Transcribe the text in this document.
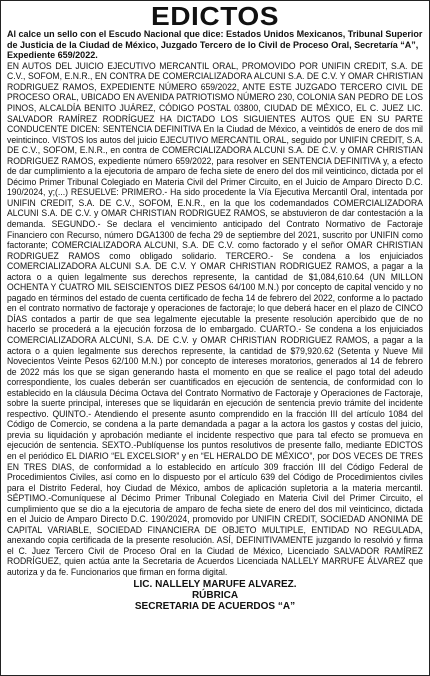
EDICTOS

Al calce un sello con el Escudo Nacional que dice: Estados Unidos Mexicanos, Tribunal Superior de Justicia de la Ciudad de México, Juzgado Tercero de lo Civil de Proceso Oral, Secretaría “A”, Expediente 659/2022.

EN AUTOS DEL JUICIO EJECUTIVO MERCANTIL ORAL, PROMOVIDO POR UNIFIN CREDIT, S.A. DE C.V., SOFOM, E.N.R., EN CONTRA DE COMERCIALIZADORA ALCUNI S.A. DE C.V. Y OMAR CHRISTIAN RODRIGUEZ RAMOS, EXPEDIENTE NÚMERO 659/2022, ANTE ESTE JUZGADO TERCERO CIVIL DE PROCESO ORAL, UBICADO EN AVENIDA PATRIOTISMO NÚMERO 230, COLONIA SAN PEDRO DE LOS PINOS, ALCALDÍA BENITO JUÁREZ, CÓDIGO POSTAL 03800, CIUDAD DE MÉXICO, EL C. JUEZ LIC. SALVADOR RAMÍREZ RODRÍGUEZ HA DICTADO LOS SIGUIENTES AUTOS QUE EN SU PARTE CONDUCENTE DICEN: SENTENCIA DEFINITIVA En la Ciudad de México, a veintidós de enero de dos mil veinticinco. VISTOS los autos del juicio EJECUTIVO MERCANTIL ORAL, seguido por UNIFIN CREDIT, S.A. DE C.V., SOFOM, E.N.R., en contra de COMERCIALIZADORA ALCUNI S.A. DE C.V. y OMAR CHRISTIAN RODRIGUEZ RAMOS, expediente número 659/2022, para resolver en SENTENCIA DEFINITIVA y, a efecto de dar cumplimiento a la ejecutoria de amparo de fecha siete de enero del dos mil veinticinco, dictada por el Décimo Primer Tribunal Colegiado en Materia Civil del Primer Circuito, en el Juicio de Amparo Directo D.C. 190/2024, y;(...) RESUELVE: PRIMERO.- Ha sido procedente la Vía Ejecutiva Mercantil Oral, intentada por UNIFIN CREDIT, S.A. DE C.V., SOFOM, E.N.R., en la que los codemandados COMERCIALIZADORA ALCUNI S.A. DE C.V. y OMAR CHRISTIAN RODRIGUEZ RAMOS, se abstuvieron de dar contestación a la demanda. SEGUNDO.- Se declara el vencimiento anticipado del Contrato Normativo de Factoraje Financiero con Recurso, número DGA1300 de fecha 29 de septiembre del 2021, suscrito por UNIFIN como factorante; COMERCIALIZADORA ALCUNI, S.A. DE C.V. como factorado y el señor OMAR CHRISTIAN RODRIGUEZ RAMOS como obligado solidario. TERCERO.- Se condena a los enjuiciados COMERCIALIZADORA ALCUNI S.A. DE C.V. Y OMAR CHRISTIAN RODRIGUEZ RAMOS, a pagar a la actora o a quien legalmente sus derechos represente, la cantidad de $1,084,610.64 (UN MILLON OCHENTA Y CUATRO MIL SEISCIENTOS DIEZ PESOS 64/100 M.N.) por concepto de capital vencido y no pagado en términos del estado de cuenta certificado de fecha 14 de febrero del 2022, conforme a lo pactado en el contrato normativo de factoraje y operaciones de factoraje; lo que deberá hacer en el plazo de CINCO DÍAS contados a partir de que sea legalmente ejecutable la presente resolución apercibido que de no hacerlo se procederá a la ejecución forzosa de lo embargado. CUARTO.- Se condena a los enjuiciados COMERCIALIZADORA ALCUNI, S.A. DE C.V. y OMAR CHRISTIAN RODRIGUEZ RAMOS, a pagar a la actora o a quien legalmente sus derechos represente, la cantidad de $79,920.62 (Setenta y Nueve Mil Novecientos Veinte Pesos 62/100 M.N.) por concepto de intereses moratorios, generados al 14 de febrero de 2022 más los que se sigan generando hasta el momento en que se realice el pago total del adeudo correspondiente, los cuales deberán ser cuantificados en ejecución de sentencia, de conformidad con lo establecido en la cláusula Décima Octava del Contrato Normativo de Factoraje y Operaciones de Factoraje, sobre la suerte principal, intereses que se liquidarán en ejecución de sentencia previo trámite del incidente respectivo. QUINTO.- Atendiendo el presente asunto comprendido en la fracción III del artículo 1084 del Código de Comercio, se condena a la parte demandada a pagar a la actora los gastos y costas del juicio, previa su liquidación y aprobación mediante el incidente respectivo que para tal efecto se promueva en ejecución de sentencia. SEXTO.-Publíquense los puntos resolutivos de presente fallo, mediante EDICTOS en el periódico EL DIARIO “EL EXCELSIOR” y en “EL HERALDO DE MÉXICO”, por DOS VECES DE TRES EN TRES DIAS, de conformidad a lo establecido en artículo 309 fracción III del Código Federal de Procedimientos Civiles, así como en lo dispuesto por el artículo 639 del Código de Procedimientos civiles para el Distrito Federal, hoy Ciudad de México, ambos de aplicación supletoria a la materia mercantil. SÉPTIMO.-Comuníquese al Décimo Primer Tribunal Colegiado en Materia Civil del Primer Circuito, el cumplimiento que se dio a la ejecutoria de amparo de fecha siete de enero del dos mil veinticinco, dictada en el Juicio de Amparo Directo D.C. 190/2024, promovido por UNIFIN CREDIT, SOCIEDAD ANONIMA DE CAPITAL VARIABLE, SOCIEDAD FINANCIERA DE OBJETO MULTIPLE, ENTIDAD NO REGULADA, anexando copia certificada de la presente resolución. ASÍ, DEFINITIVAMENTE juzgando lo resolvió y firma el C. Juez Tercero Civil de Proceso Oral en la Ciudad de México, Licenciado SALVADOR RAMÍREZ RODRÍGUEZ, quien actúa ante la Secretaria de Acuerdos Licenciada NALLELY MARRUFE ÁLVAREZ que autoriza y da fe. Funcionarios que firman en forma digital.

LIC. NALLELY MARUFE ALVAREZ.

RÚBRICA

SECRETARIA DE ACUERDOS “A”
